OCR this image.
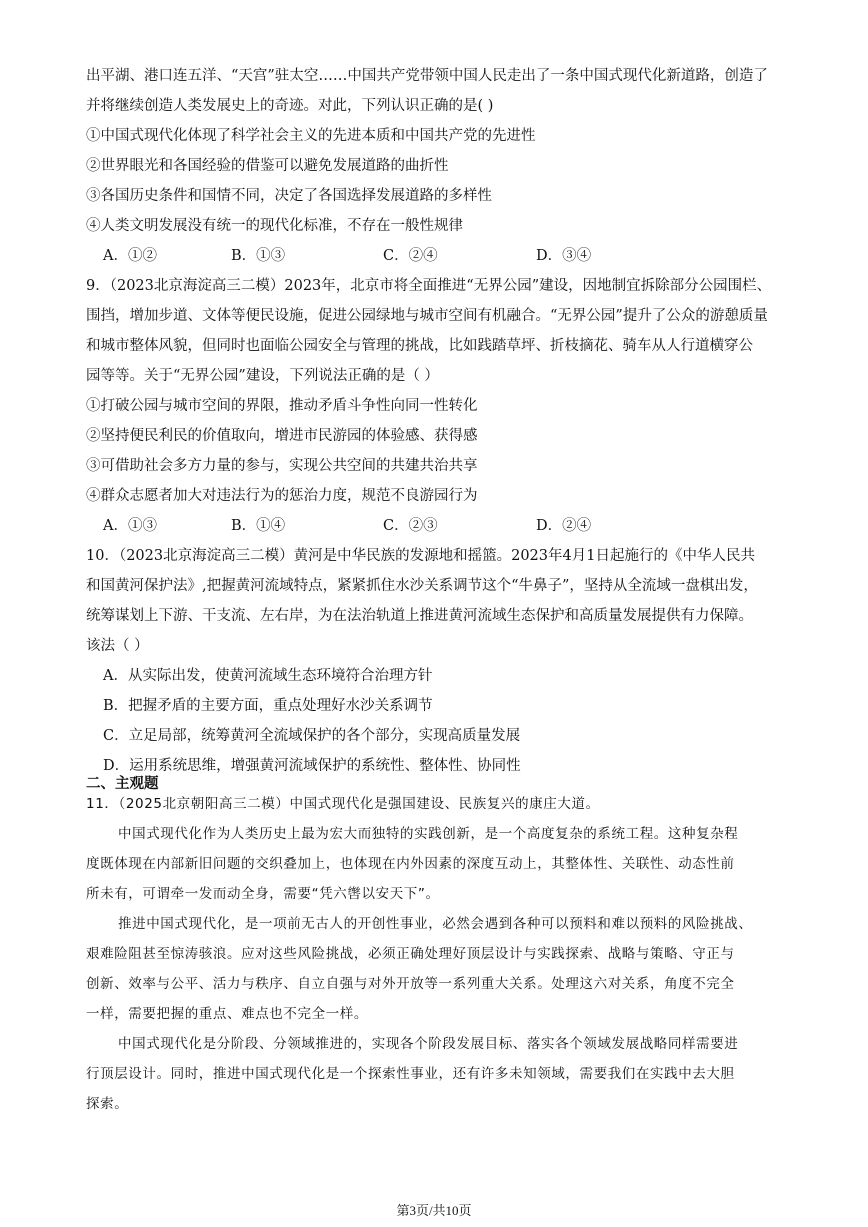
出平湖、港口连五洋、“天宫”驻太空……中国共产党带领中国人民走出了一条中国式现代化新道路，创造了
并将继续创造人类发展史上的奇迹。对此，下列认识正确的是( )
①中国式现代化体现了科学社会主义的先进本质和中国共产党的先进性
②世界眼光和各国经验的借鉴可以避免发展道路的曲折性
③各国历史条件和国情不同，决定了各国选择发展道路的多样性
④人类文明发展没有统一的现代化标准，不存在一般性规律
A．①②	B．①③	C．②④	D．③④
9．（2023北京海淀高三二模）2023年，北京市将全面推进“无界公园”建设，因地制宜拆除部分公园围栏、
围挡，增加步道、文体等便民设施，促进公园绿地与城市空间有机融合。“无界公园”提升了公众的游憩质量
和城市整体风貌，但同时也面临公园安全与管理的挑战，比如践踏草坪、折枝摘花、骑车从人行道横穿公
园等等。关于“无界公园”建设，下列说法正确的是（ ）
①打破公园与城市空间的界限，推动矛盾斗争性向同一性转化
②坚持便民利民的价值取向，增进市民游园的体验感、获得感
③可借助社会多方力量的参与，实现公共空间的共建共治共享
④群众志愿者加大对违法行为的惩治力度，规范不良游园行为
A．①③	B．①④	C．②③	D．②④
10．（2023北京海淀高三二模）黄河是中华民族的发源地和摇篮。2023年4月1日起施行的《中华人民共
和国黄河保护法》,把握黄河流域特点，紧紧抓住水沙关系调节这个“牛鼻子”，坚持从全流域一盘棋出发，
统筹谋划上下游、干支流、左右岸，为在法治轨道上推进黄河流域生态保护和高质量发展提供有力保障。
该法（ ）
A．从实际出发，使黄河流域生态环境符合治理方针
B．把握矛盾的主要方面，重点处理好水沙关系调节
C．立足局部，统筹黄河全流域保护的各个部分，实现高质量发展
D．运用系统思维，增强黄河流域保护的系统性、整体性、协同性
二、主观题
11．（2025北京朝阳高三二模）中国式现代化是强国建设、民族复兴的康庄大道。
中国式现代化作为人类历史上最为宏大而独特的实践创新，是一个高度复杂的系统工程。这种复杂程
度既体现在内部新旧问题的交织叠加上，也体现在内外因素的深度互动上，其整体性、关联性、动态性前
所未有，可谓牵一发而动全身，需要“凭六辔以安天下”。
推进中国式现代化，是一项前无古人的开创性事业，必然会遇到各种可以预料和难以预料的风险挑战、
艰难险阻甚至惊涛骇浪。应对这些风险挑战，必须正确处理好顶层设计与实践探索、战略与策略、守正与
创新、效率与公平、活力与秩序、自立自强与对外开放等一系列重大关系。处理这六对关系，角度不完全
一样，需要把握的重点、难点也不完全一样。
中国式现代化是分阶段、分领域推进的，实现各个阶段发展目标、落实各个领域发展战略同样需要进
行顶层设计。同时，推进中国式现代化是一个探索性事业，还有许多未知领域，需要我们在实践中去大胆
探索。
第3页/共10页
